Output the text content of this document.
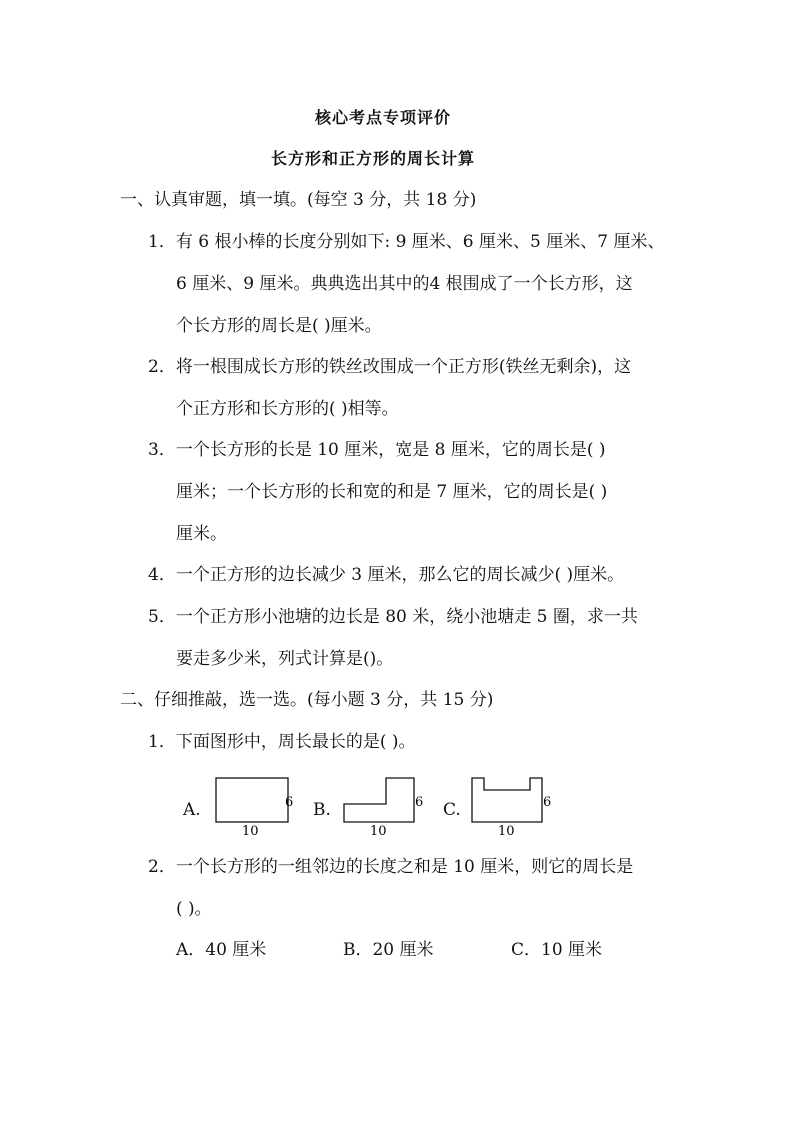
核心考点专项评价
长方形和正方形的周长计算
一、认真审题，填一填。(每空 3 分，共 18 分)
1．有 6 根小棒的长度分别如下: 9 厘米、6 厘米、5 厘米、7 厘米、
6 厘米、9 厘米。典典选出其中的4 根围成了一个长方形，这
个长方形的周长是( )厘米。
2．将一根围成长方形的铁丝改围成一个正方形(铁丝无剩余)，这
个正方形和长方形的( )相等。
3．一个长方形的长是 10 厘米，宽是 8 厘米，它的周长是( )
厘米；一个长方形的长和宽的和是 7 厘米，它的周长是( )
厘米。
4．一个正方形的边长减少 3 厘米，那么它的周长减少( )厘米。
5．一个正方形小池塘的边长是 80 米，绕小池塘走 5 圈，求一共
要走多少米，列式计算是()。
二、仔细推敲，选一选。(每小题 3 分，共 15 分)
1．下面图形中，周长最长的是( )。
A.	6
10
B.	6
10
C.	6
10
2．一个长方形的一组邻边的长度之和是 10 厘米，则它的周长是
( )。
A．40 厘米	B．20 厘米	C．10 厘米
